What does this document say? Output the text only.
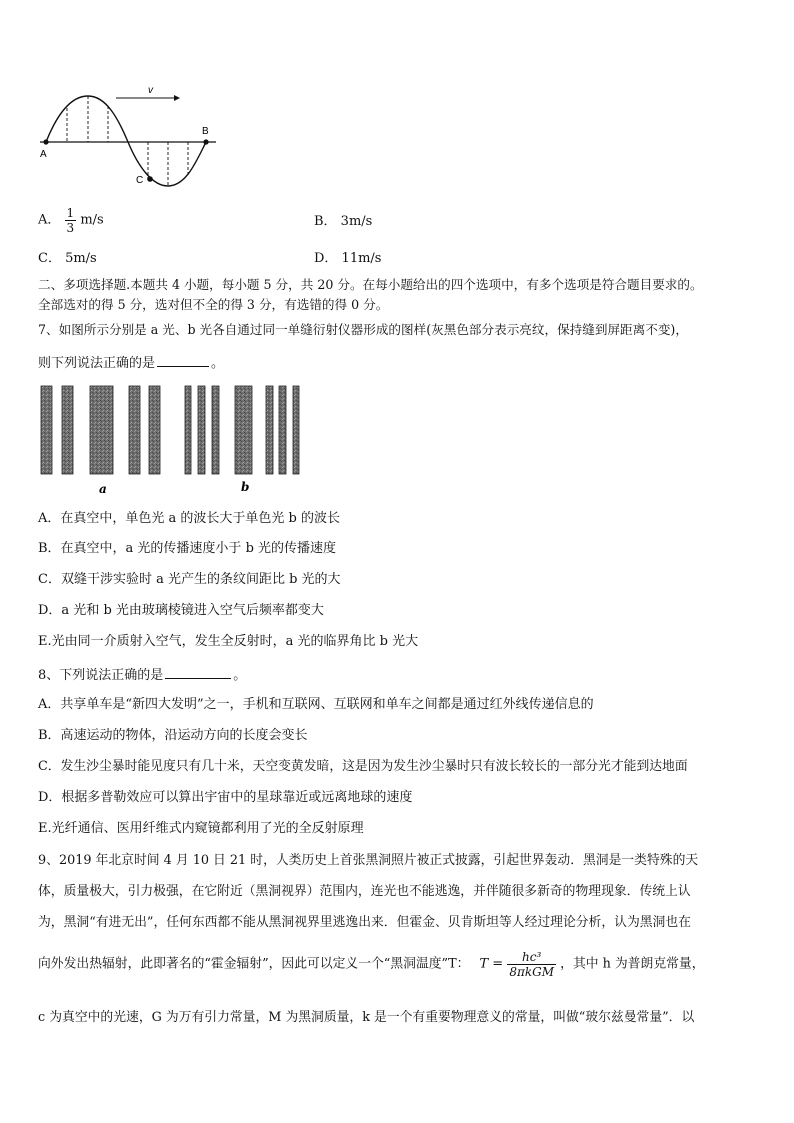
v
A
B
C
A． $\frac{1}{3} m/s$	B． 3m/s
C． 5m/s	D． 11m/s
二、多项选择题.本题共 4 小题，每小题 5 分，共 20 分。在每小题给出的四个选项中，有多个选项是符合题目要求的。
全部选对的得 5 分，选对但不全的得 3 分，有选错的得 0 分。
7、如图所示分别是 a 光、b 光各自通过同一单缝衍射仪器形成的图样(灰黑色部分表示亮纹，保持缝到屏距离不变)，
则下列说法正确的是	。
a	b
A．在真空中，单色光 a 的波长大于单色光 b 的波长
B．在真空中，a 光的传播速度小于 b 光的传播速度
C．双缝干涉实验时 a 光产生的条纹间距比 b 光的大
D．a 光和 b 光由玻璃棱镜进入空气后频率都变大
E.光由同一介质射入空气，发生全反射时，a 光的临界角比 b 光大
8、下列说法正确的是	。
A．共享单车是“新四大发明”之一，手机和互联网、互联网和单车之间都是通过红外线传递信息的
B．高速运动的物体，沿运动方向的长度会变长
C．发生沙尘暴时能见度只有几十米，天空变黄发暗，这是因为发生沙尘暴时只有波长较长的一部分光才能到达地面
D．根据多普勒效应可以算出宇宙中的星球靠近或远离地球的速度
E.光纤通信、医用纤维式内窥镜都利用了光的全反射原理
9、2019 年北京时间 4 月 10 日 21 时，人类历史上首张黑洞照片被正式披露，引起世界轰动．黑洞是一类特殊的天
体，质量极大，引力极强，在它附近（黑洞视界）范围内，连光也不能逃逸，并伴随很多新奇的物理现象．传统上认
为，黑洞“有进无出”，任何东西都不能从黑洞视界里逃逸出来．但霍金、贝肯斯坦等人经过理论分析，认为黑洞也在
向外发出热辐射，此即著名的“霍金辐射”，因此可以定义一个“黑洞温度”T： $T = \frac{\text{hc³}}{\text{8πkGM}}$ ，其中 h 为普朗克常量，
c 为真空中的光速，G 为万有引力常量，M 为黑洞质量，k 是一个有重要物理意义的常量，叫做“玻尔兹曼常量”．以
